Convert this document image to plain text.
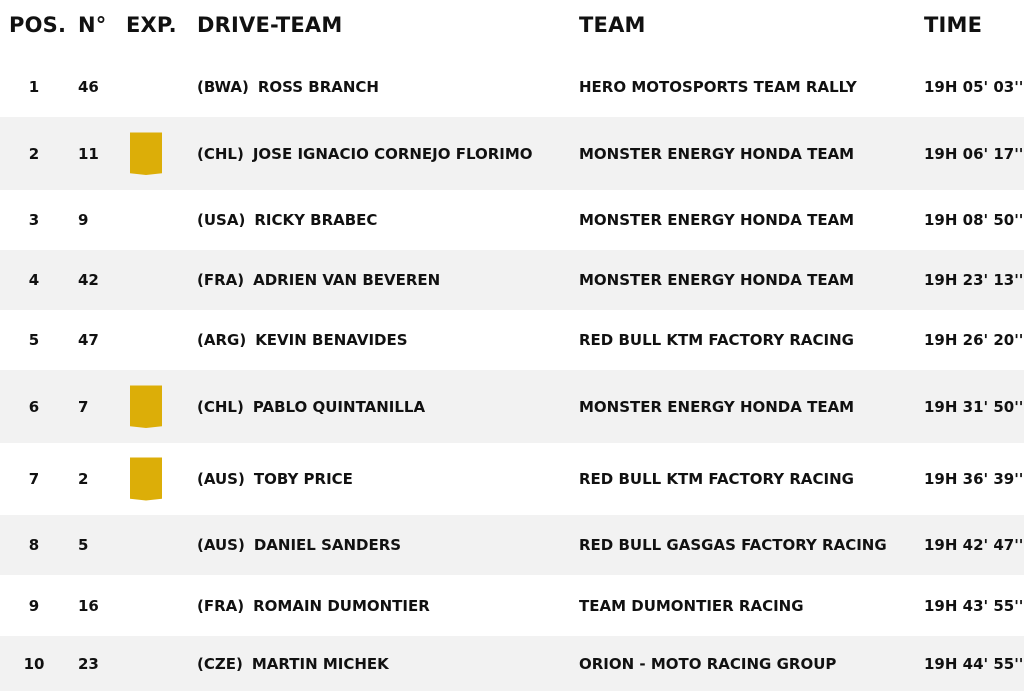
POS. N° EXP. DRIVE-TEAM	TEAM	TIME
1	46	(BWA) ROSS BRANCH	HERO MOTOSPORTS TEAM RALLY	19H 05' 03''
2	11	(CHL) JOSE IGNACIO CORNEJO FLORIMO	MONSTER ENERGY HONDA TEAM	19H 06' 17''
3	9	(USA) RICKY BRABEC	MONSTER ENERGY HONDA TEAM	19H 08' 50''
4	42	(FRA) ADRIEN VAN BEVEREN	MONSTER ENERGY HONDA TEAM	19H 23' 13''
5	47	(ARG) KEVIN BENAVIDES	RED BULL KTM FACTORY RACING	19H 26' 20''
6	7	(CHL) PABLO QUINTANILLA	MONSTER ENERGY HONDA TEAM	19H 31' 50''
7	2	(AUS) TOBY PRICE	RED BULL KTM FACTORY RACING	19H 36' 39''
8	5	(AUS) DANIEL SANDERS	RED BULL GASGAS FACTORY RACING 19H 42' 47''
9	16	(FRA) ROMAIN DUMONTIER	TEAM DUMONTIER RACING	19H 43' 55''
10	23	(CZE) MARTIN MICHEK	ORION - MOTO RACING GROUP	19H 44' 55''
